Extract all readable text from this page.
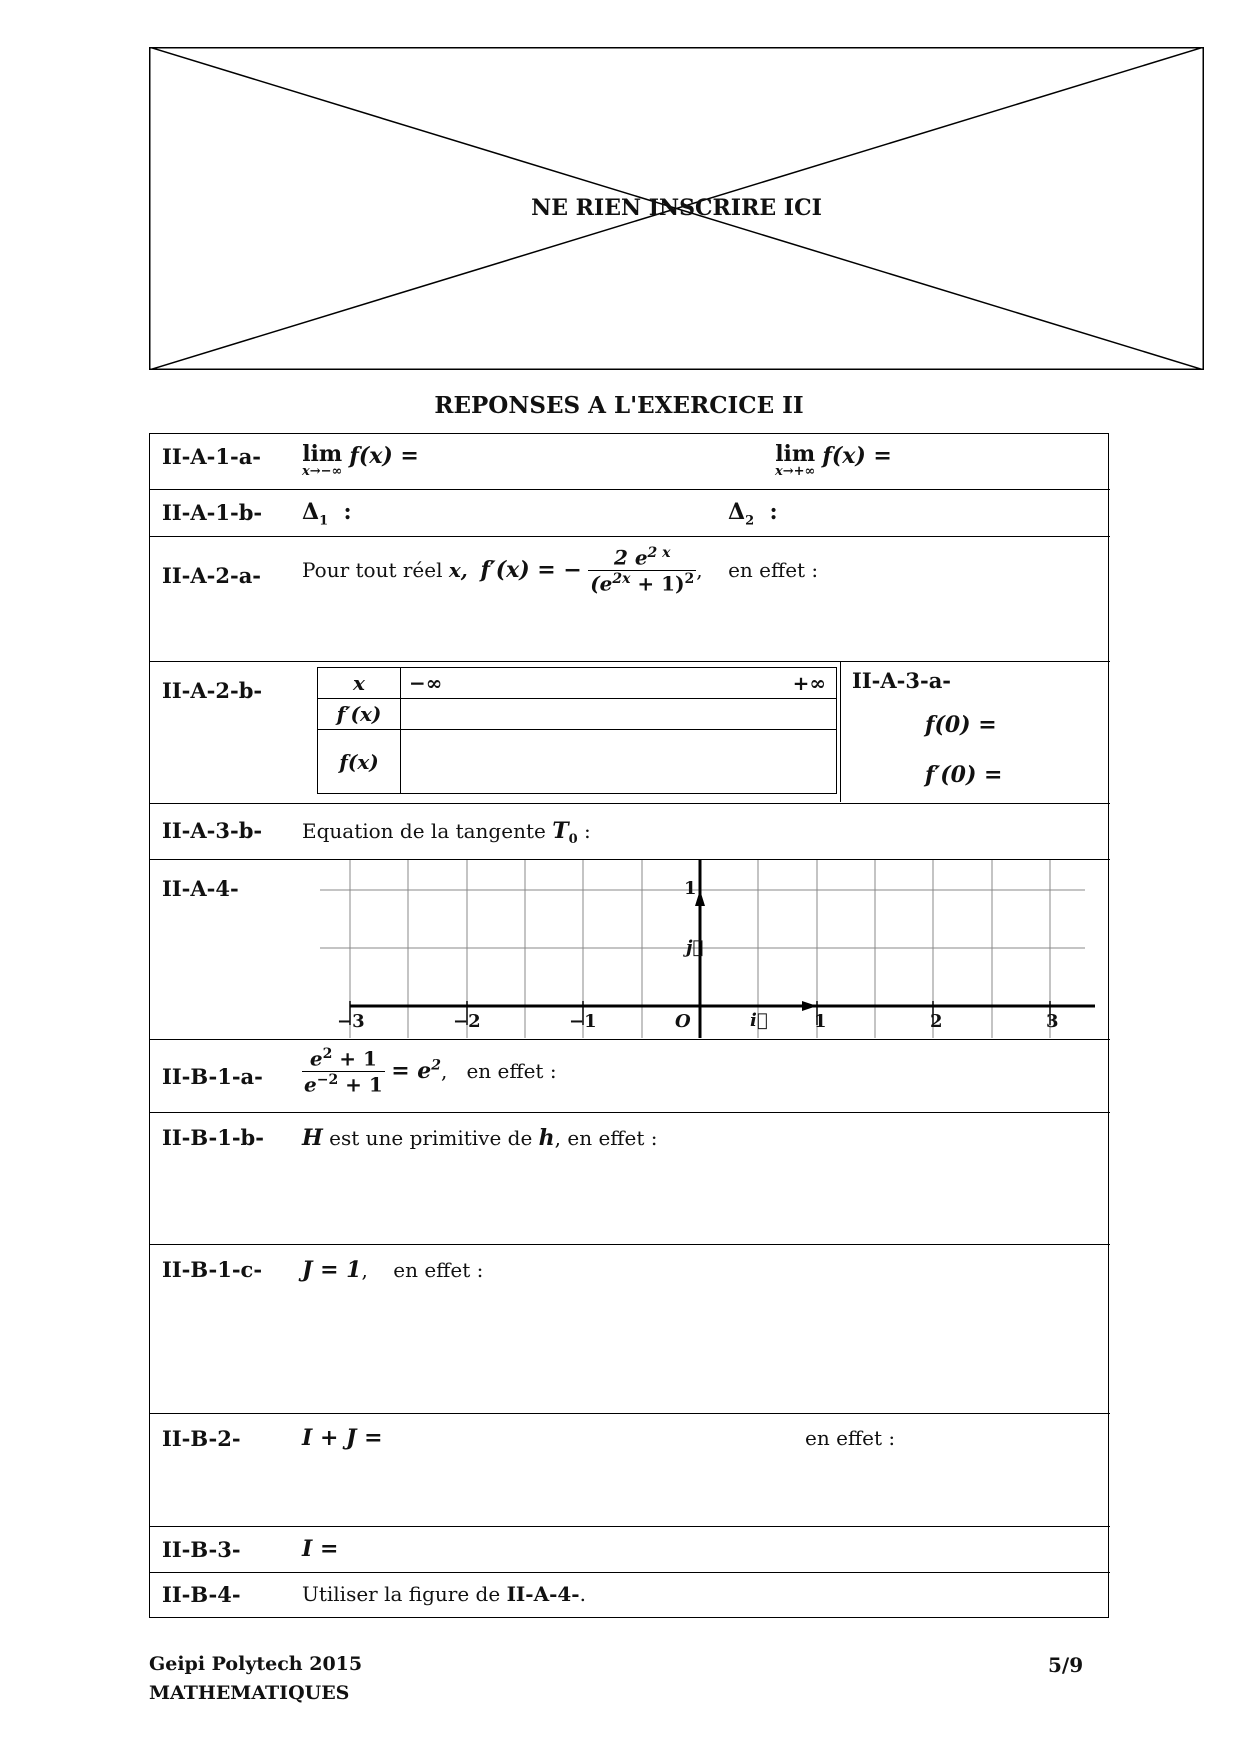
NE RIEN INSCRIRE ICI
REPONSES A L'EXERCICE II
II-A-1-a- lim
x→−∞
f(x) =	lim
x→+∞
f(x) =
II-A-1-b- $\Delta_1$ :	$\Delta_2$ :
II-A-2-a- Pour tout réel x, f′(x) = − $\frac{2 e^{2 x}}{(e^{2x} + 1)^2}$ , en effet :
II-A-2-b-	x	−∞ +∞

f′(x)	
f(x)	
II-A-3-a-
f(0) =
f′(0) =
II-A-3-b- Equation de la tangente $T_0$ :
II-A-4-
−3	−2	−1	O	1	2	3
1
j⃗
i⃗
$II-B-1-a- \frac{e^2 + 1}{e^{-2} + 1} = e^2$, en effet :
II-B-1-b- H est une primitive de h, en effet :
II-B-1-c- J = 1, en effet :
II-B-2-	I + J =	en effet :
II-B-3-	I =
II-B-4-	Utiliser la figure de II-A-4-.
Geipi Polytech 2015
MATHEMATIQUES
5/9
